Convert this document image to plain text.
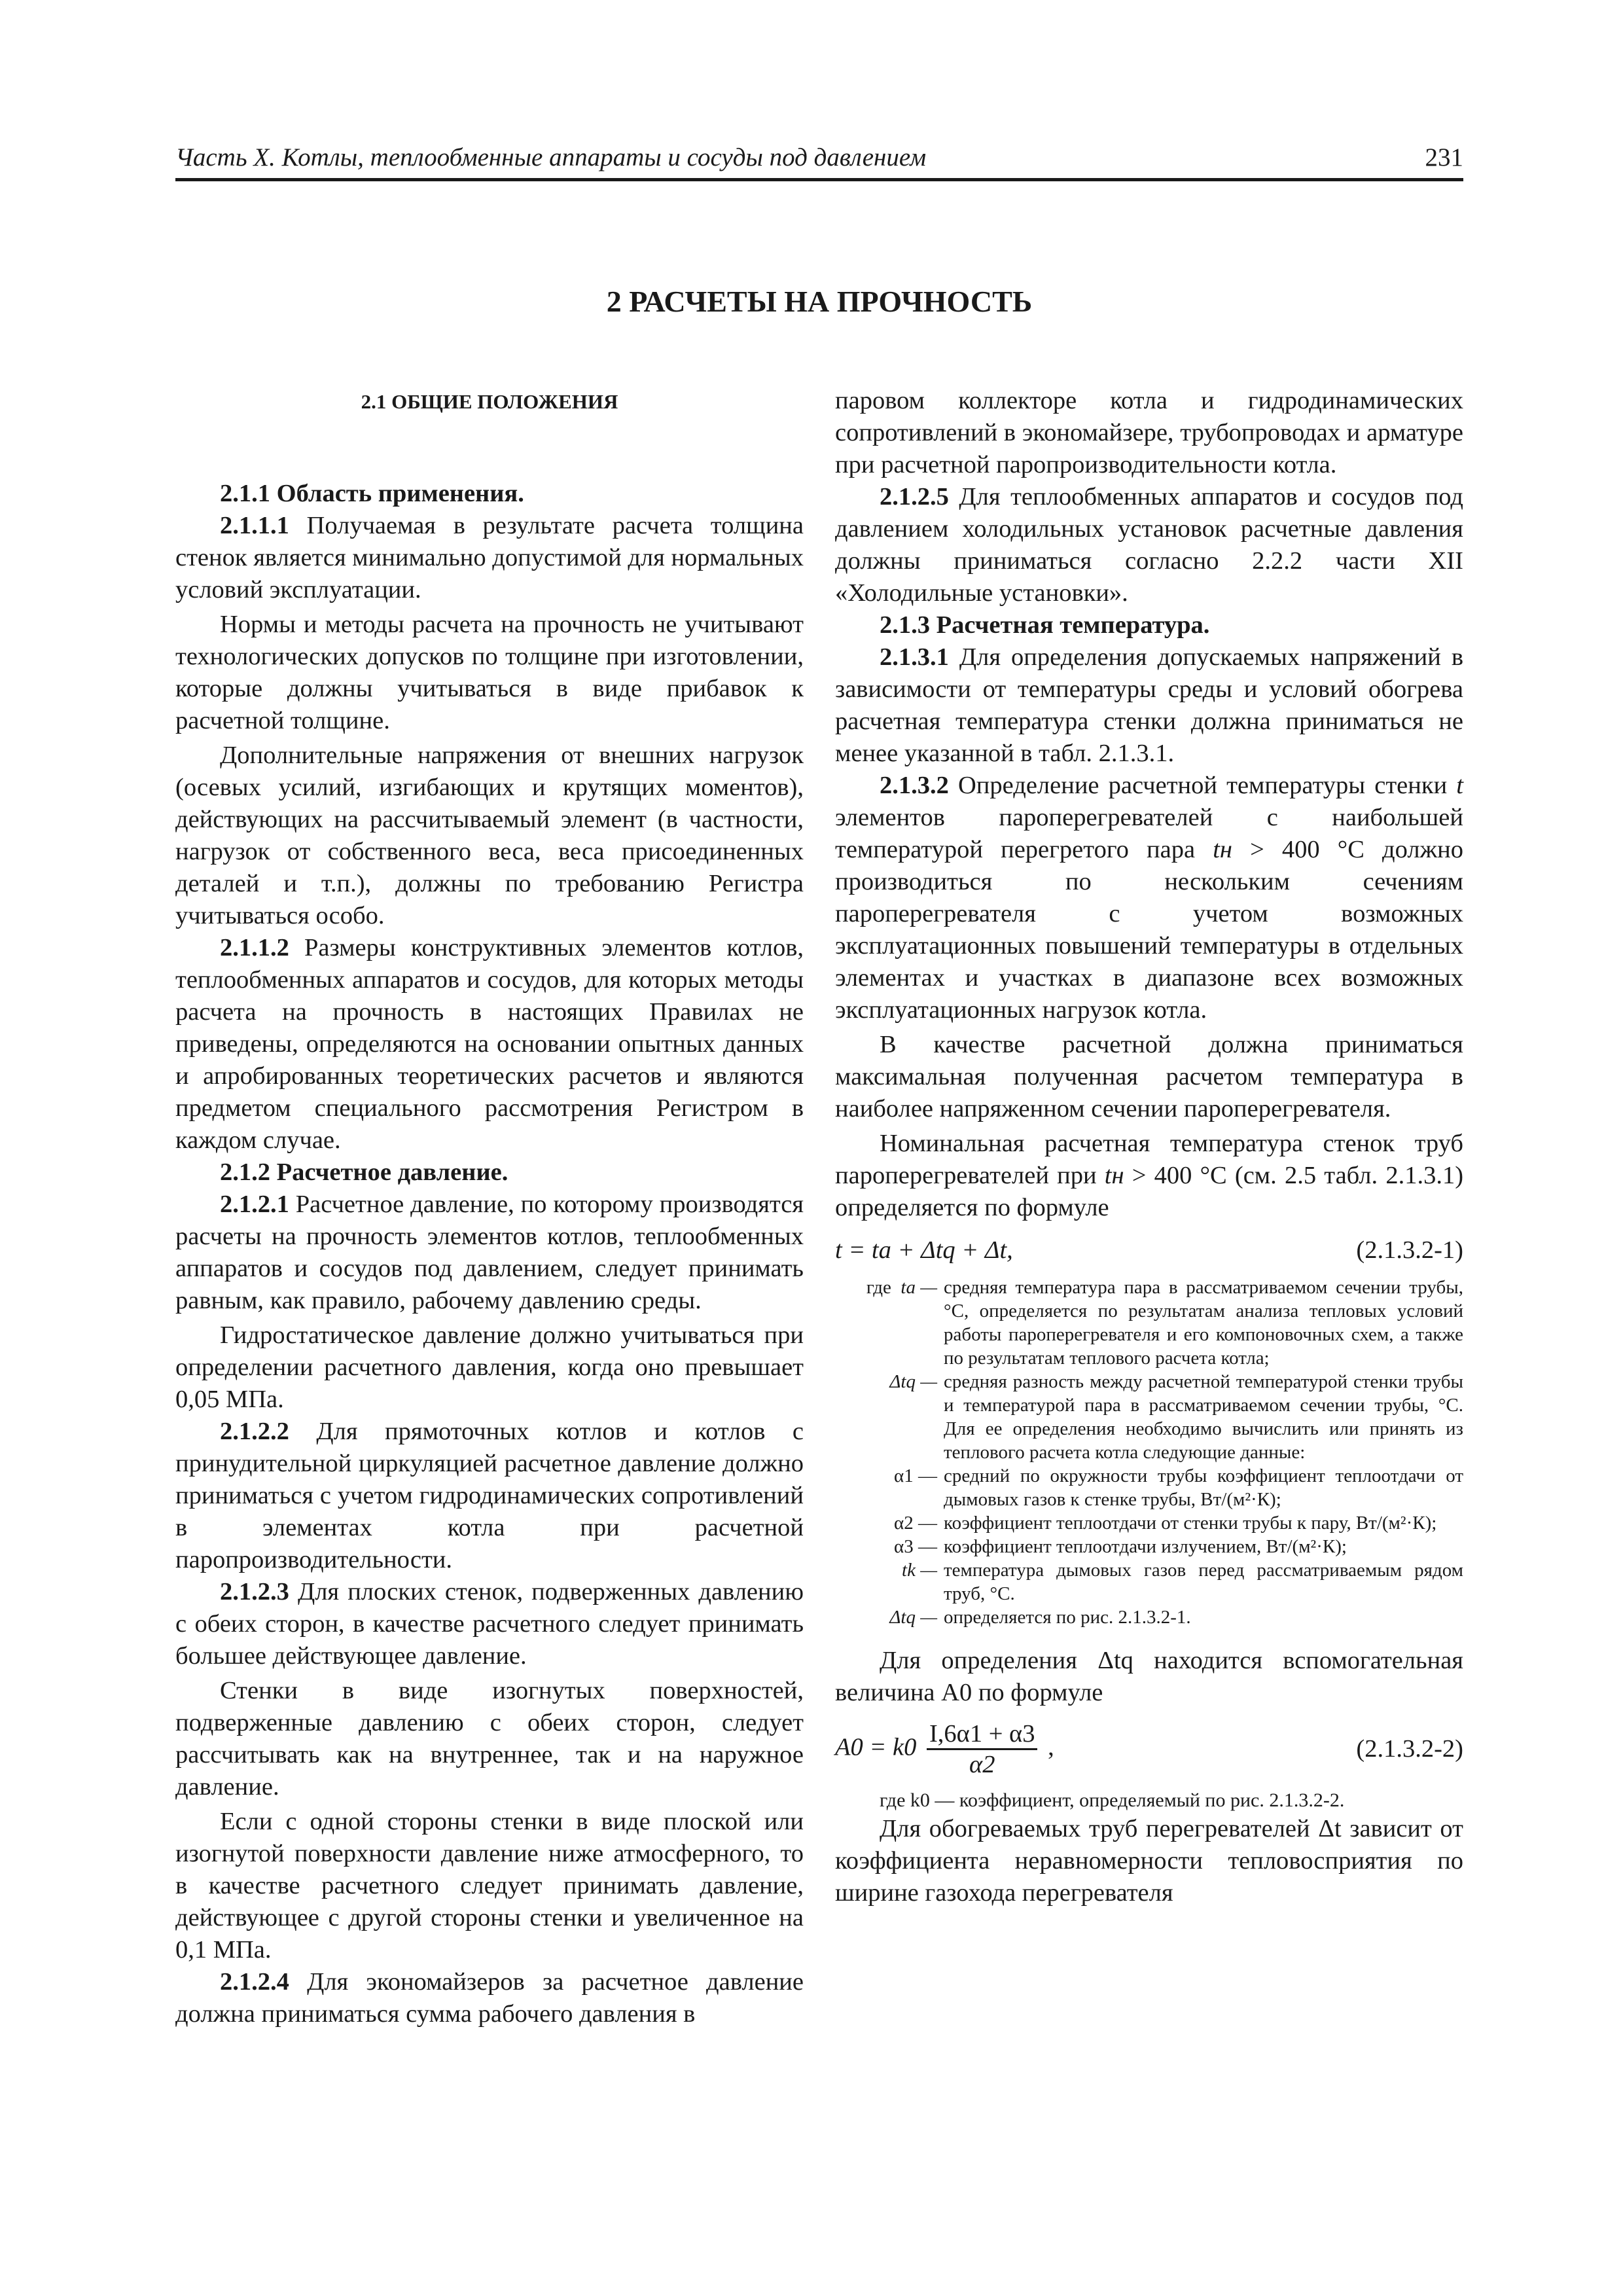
Часть X. Котлы, теплообменные аппараты и сосуды под давлением	231
2 РАСЧЕТЫ НА ПРОЧНОСТЬ
2.1 ОБЩИЕ ПОЛОЖЕНИЯ

2.1.1 Область применения.

2.1.1.1 Получаемая в результате расчета толщина стенок является минимально допустимой для нормальных условий эксплуатации.

Нормы и методы расчета на прочность не учитывают технологических допусков по толщине при изготовлении, которые должны учитываться в виде прибавок к расчетной толщине.

Дополнительные напряжения от внешних нагрузок (осевых усилий, изгибающих и крутящих моментов), действующих на рассчитываемый элемент (в частности, нагрузок от собственного веса, веса присоединенных деталей и т.п.), должны по требованию Регистра учитываться особо.

2.1.1.2 Размеры конструктивных элементов котлов, теплообменных аппаратов и сосудов, для которых методы расчета на прочность в настоящих Правилах не приведены, определяются на основании опытных данных и апробированных теоретических расчетов и являются предметом специального рассмотрения Регистром в каждом случае.

2.1.2 Расчетное давление.

2.1.2.1 Расчетное давление, по которому производятся расчеты на прочность элементов котлов, теплообменных аппаратов и сосудов под давлением, следует принимать равным, как правило, рабочему давлению среды.

Гидростатическое давление должно учитываться при определении расчетного давления, когда оно превышает 0,05 МПа.

2.1.2.2 Для прямоточных котлов и котлов с принудительной циркуляцией расчетное давление должно приниматься с учетом гидродинамических сопротивлений в элементах котла при расчетной паропроизводительности.

2.1.2.3 Для плоских стенок, подверженных давлению с обеих сторон, в качестве расчетного следует принимать большее действующее давление.

Стенки в виде изогнутых поверхностей, подверженные давлению с обеих сторон, следует рассчитывать как на внутреннее, так и на наружное давление.

Если с одной стороны стенки в виде плоской или изогнутой поверхности давление ниже атмосферного, то в качестве расчетного следует принимать давление, действующее с другой стороны стенки и увеличенное на 0,1 МПа.

2.1.2.4 Для экономайзеров за расчетное давление должна приниматься сумма рабочего давления в

паровом коллекторе котла и гидродинамических сопротивлений в экономайзере, трубопроводах и арматуре при расчетной паропроизводительности котла.

2.1.2.5 Для теплообменных аппаратов и сосудов под давлением холодильных установок расчетные давления должны приниматься согласно 2.2.2 части XII «Холодильные установки».

2.1.3 Расчетная температура.

2.1.3.1 Для определения допускаемых напряжений в зависимости от температуры среды и условий обогрева расчетная температура стенки должна приниматься не менее указанной в табл. 2.1.3.1.

2.1.3.2 Определение расчетной температуры стенки t элементов пароперегревателей с наибольшей температурой перегретого пара tн > 400 °С должно производиться по нескольким сечениям пароперегревателя с учетом возможных эксплуатационных повышений температуры в отдельных элементах и участках в диапазоне всех возможных эксплуатационных нагрузок котла.

В качестве расчетной должна приниматься максимальная полученная расчетом температура в наиболее напряженном сечении пароперегревателя.

Номинальная расчетная температура стенок труб пароперегревателей при tн > 400 °С (см. 2.5 табл. 2.1.3.1) определяется по формуле

t = tа + Δtq + Δt,	(2.1.3.2-1)
где tа — средняя температура пара в рассматриваемом сечении трубы, °С, определяется по результатам анализа тепловых условий работы пароперегревателя и его компоновочных схем, а также по результатам теплового расчета котла;
Δtq — средняя разность между расчетной температурой стенки трубы и температурой пара в рассматриваемом сечении трубы, °С. Для ее определения необходимо вычислить или принять из теплового расчета котла следующие данные:
α1 — средний по окружности трубы коэффициент теплоотдачи от дымовых газов к стенке трубы, Вт/(м²·К);
α2 — коэффициент теплоотдачи от стенки трубы к пару, Вт/(м²·К);
α3 — коэффициент теплоотдачи излучением, Вт/(м²·К);
tk — температура дымовых газов перед рассматриваемым рядом труб, °С.
Δtq — определяется по рис. 2.1.3.2-1.

Для определения Δtq находится вспомогательная величина A0 по формуле

$A0 = k0 \frac{I,6\alpha 1 + \alpha 3}{\alpha 2}$ ,	(2.1.3.2-2)

где k0 — коэффициент, определяемый по рис. 2.1.3.2-2.

Для обогреваемых труб перегревателей Δt зависит от коэффициента неравномерности тепловосприятия по ширине газохода перегревателя
